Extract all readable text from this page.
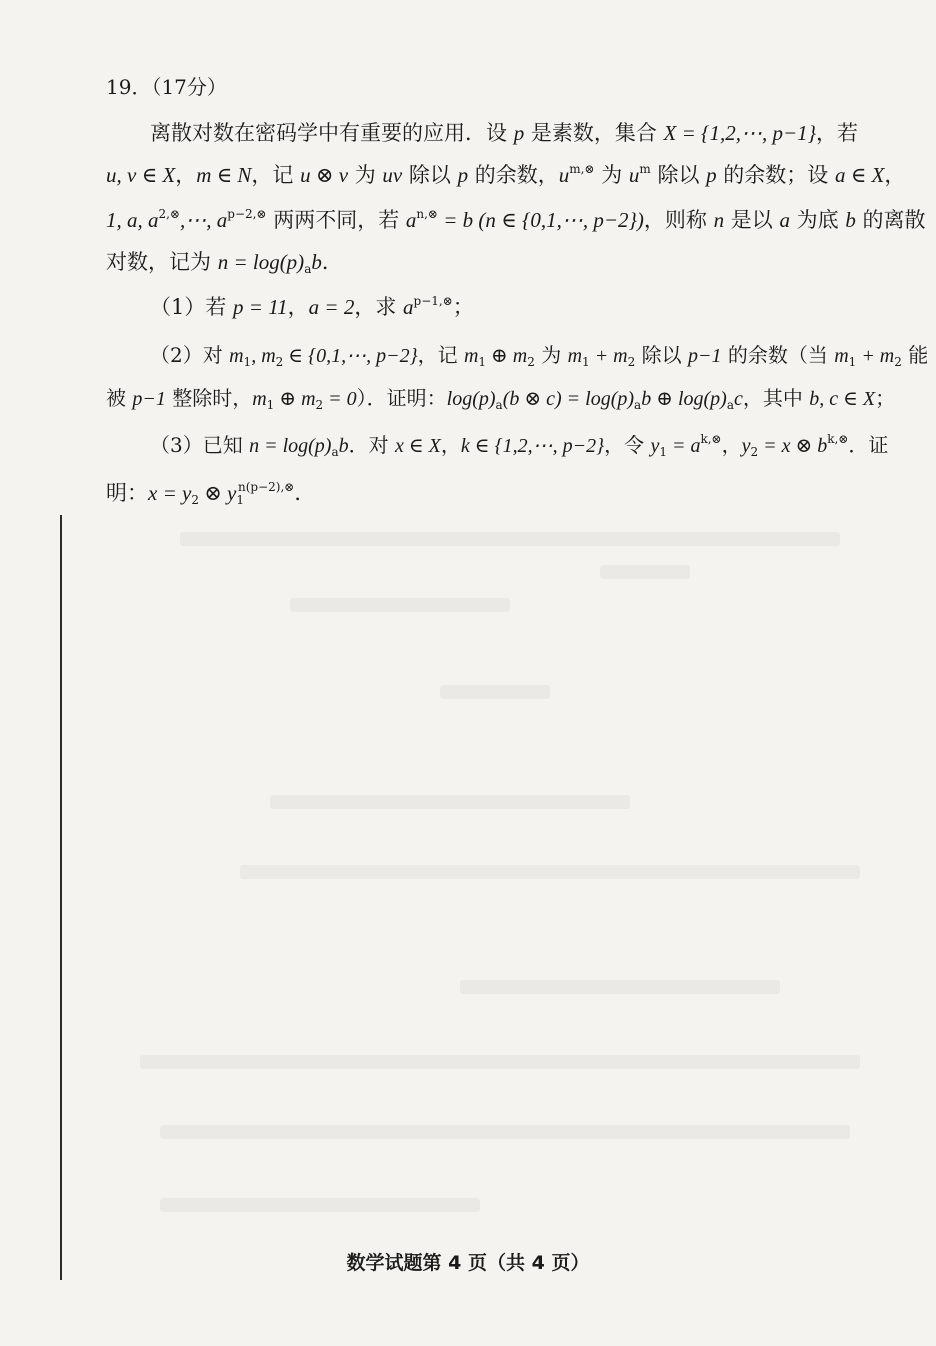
19．（17分）
离散对数在密码学中有重要的应用．设 p 是素数，集合 X = {1,2,⋯, p−1}，若
u, v ∈ X，m ∈ N，记 u ⊗ v 为 uv 除以 p 的余数，$u^{m,\otimes}$ 为 $u^m$ 除以 p 的余数；设 a ∈ X，
1, a, $a^{2,\otimes},\cdots$, $a^{p-2,\otimes}$ 两两不同，若 $a^{n,\otimes} = b$ (n ∈ {0,1,⋯, p−2})，则称 n 是以 a 为底 b 的离散
对数，记为 $n = \log(p)_ab$．
（1）若 p = 11，a = 2，求 $a^{p-1,\otimes}$；
（2）对 $m_1$, $m_2$ ∈ {0,1,⋯, p−2}，记 $m_1$ ⊕ $m_2$ 为 $m_1 + m_2$ 除以 p−1 的余数（当 $m_1 + m_2$ 能
被 p−1 整除时，$m_1$ ⊕ $m_2 = 0$）．证明：$\log(p)_a(b$ ⊗ $c) = \log(p)_ab$ ⊕ $\log(p)_ac$，其中 b, c ∈ X；
（3）已知 $n = \log(p)_ab$．对 x ∈ X，k ∈ {1,2,⋯, p−2}，令 $y_1 = a^{k,\otimes}$，$y_2 = x$ ⊗ $b^{k,\otimes}$．证
明：$x = y_2$ ⊗ $y_1^{n(p-2),\otimes}$．
数学试题第 4 页（共 4 页）
